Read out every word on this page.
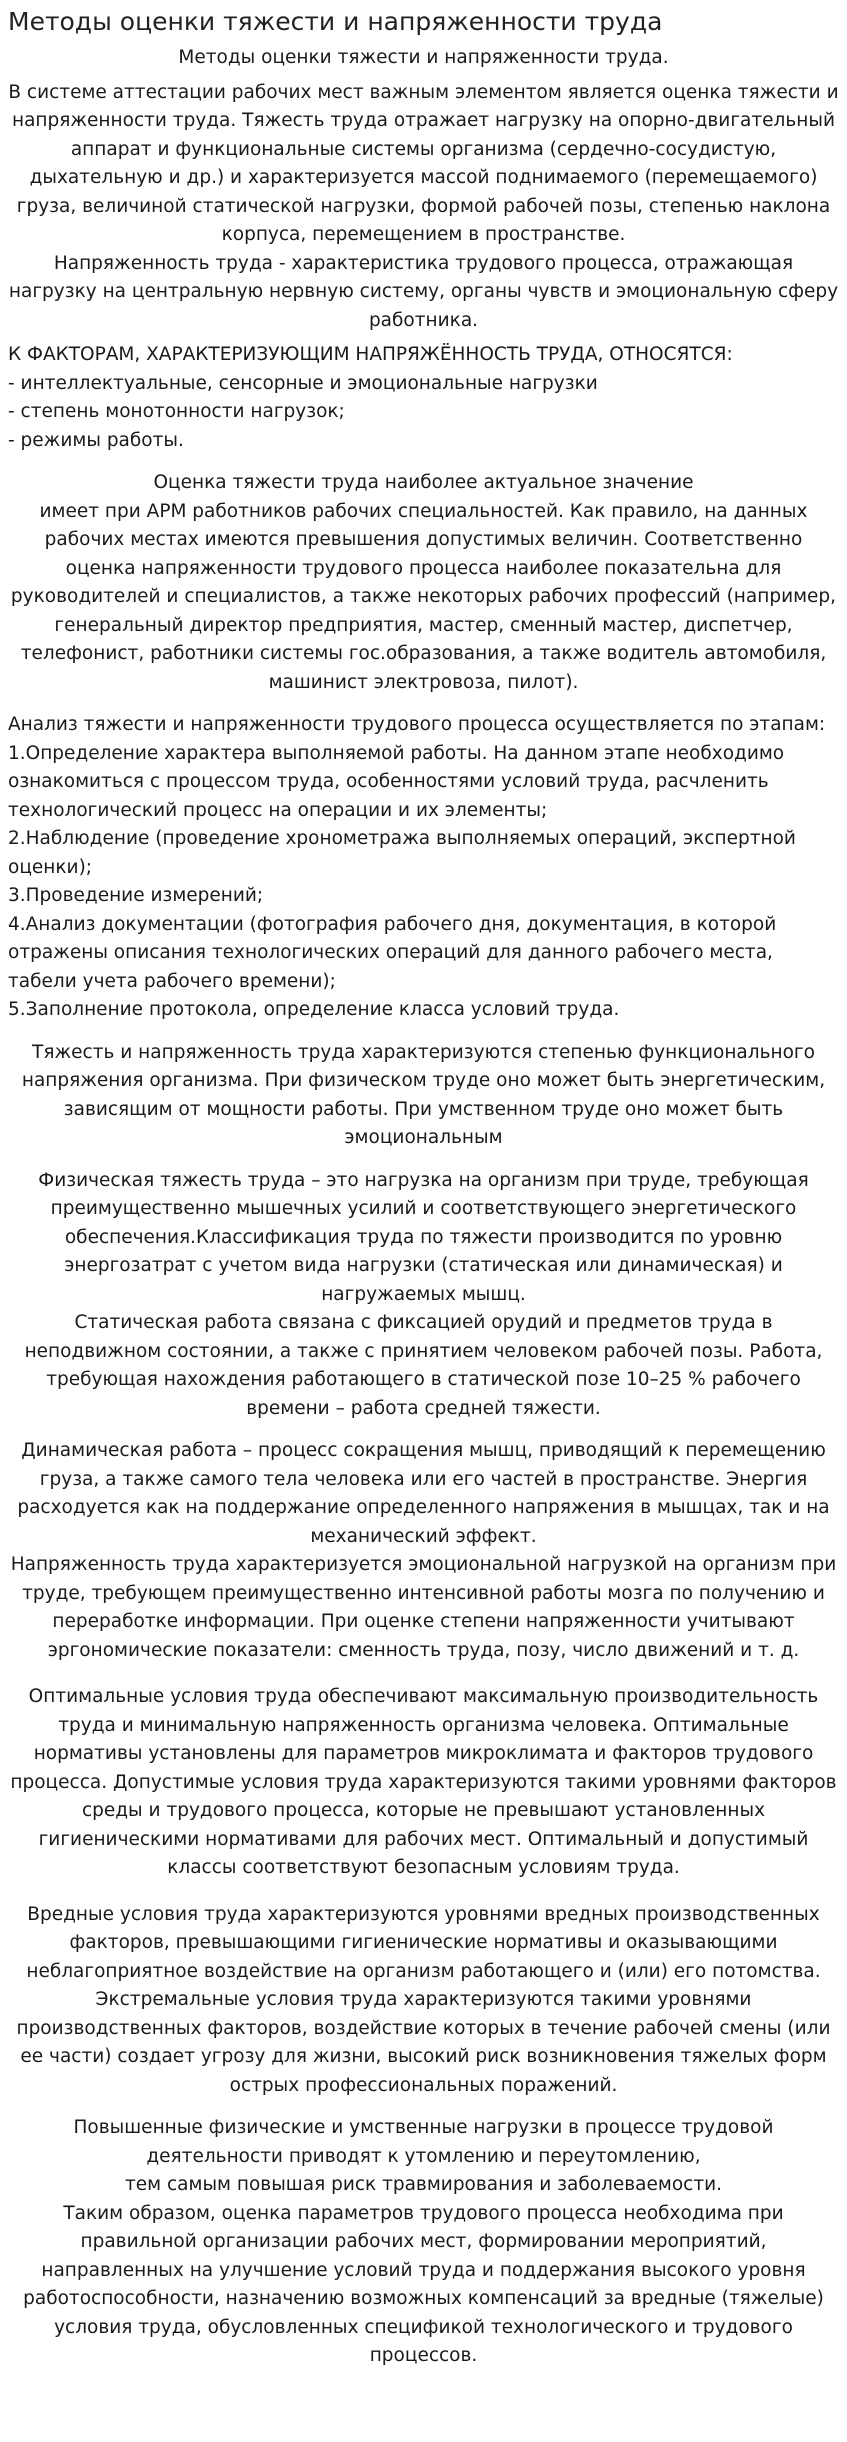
Методы оценки тяжести и напряженности труда

Методы оценки тяжести и напряженности труда.

В системе аттестации рабочих мест важным элементом является оценка тяжести и напряженности труда. Тяжесть труда отражает нагрузку на опорно-двигательный аппарат и функциональные системы организма (сердечно-сосудистую, дыхательную и др.) и характеризуется массой поднимаемого (перемещаемого) груза, величиной статической нагрузки, формой рабочей позы, степенью наклона корпуса, перемещением в пространстве.

Напряженность труда - характеристика трудового процесса, отражающая нагрузку на центральную нервную систему, органы чувств и эмоциональную сферу работника.

К ФАКТОРАМ, ХАРАКТЕРИЗУЮЩИМ НАПРЯЖЁННОСТЬ ТРУДА, ОТНОСЯТСЯ:

- интеллектуальные, сенсорные и эмоциональные нагрузки

- степень монотонности нагрузок;

- режимы работы.

Оценка тяжести труда наиболее актуальное значение

имеет при АРМ работников рабочих специальностей. Как правило, на данных рабочих местах имеются превышения допустимых величин. Соответственно оценка напряженности трудового процесса наиболее показательна для руководителей и специалистов, а также некоторых рабочих профессий (например, генеральный директор предприятия, мастер, сменный мастер, диспетчер, телефонист, работники системы гос.образования, а также водитель автомобиля, машинист электровоза, пилот).

Анализ тяжести и напряженности трудового процесса осуществляется по этапам:

1.Определение характера выполняемой работы. На данном этапе необходимо ознакомиться с процессом труда, особенностями условий труда, расчленить технологический процесс на операции и их элементы;

2.Наблюдение (проведение хронометража выполняемых операций, экспертной оценки);

3.Проведение измерений;

4.Анализ документации (фотография рабочего дня, документация, в которой отражены описания технологических операций для данного рабочего места, табели учета рабочего времени);

5.Заполнение протокола, определение класса условий труда.

Тяжесть и напряженность труда характеризуются степенью функционального напряжения организма. При физическом труде оно может быть энергетическим, зависящим от мощности работы. При умственном труде оно может быть эмоциональным

Физическая тяжесть труда – это нагрузка на организм при труде, требующая преимущественно мышечных усилий и соответствующего энергетического обеспечения.Классификация труда по тяжести производится по уровню энергозатрат с учетом вида нагрузки (статическая или динамическая) и нагружаемых мышц.

Статическая работа связана с фиксацией орудий и предметов труда в неподвижном состоянии, а также с принятием человеком рабочей позы. Работа, требующая нахождения работающего в статической позе 10–25 % рабочего времени – работа средней тяжести.

Динамическая работа – процесс сокращения мышц, приводящий к перемещению груза, а также самого тела человека или его частей в пространстве. Энергия расходуется как на поддержание определенного напряжения в мышцах, так и на механический эффект.

Напряженность труда характеризуется эмоциональной нагрузкой на организм при труде, требующем преимущественно интенсивной работы мозга по получению и переработке информации. При оценке степени напряженности учитывают эргономические показатели: сменность труда, позу, число движений и т. д.

Оптимальные условия труда обеспечивают максимальную производительность труда и минимальную напряженность организма человека. Оптимальные нормативы установлены для параметров микроклимата и факторов трудового процесса. Допустимые условия труда характеризуются такими уровнями факторов среды и трудового процесса, которые не превышают установленных гигиеническими нормативами для рабочих мест. Оптимальный и допустимый классы соответствуют безопасным условиям труда.

Вредные условия труда характеризуются уровнями вредных производственных факторов, превышающими гигиенические нормативы и оказывающими неблагоприятное воздействие на организм работающего и (или) его потомства.

Экстремальные условия труда характеризуются такими уровнями производственных факторов, воздействие которых в течение рабочей смены (или ее части) создает угрозу для жизни, высокий риск возникновения тяжелых форм острых профессиональных поражений.

Повышенные физические и умственные нагрузки в процессе трудовой деятельности приводят к утомлению и переутомлению,

тем самым повышая риск травмирования и заболеваемости.

Таким образом, оценка параметров трудового процесса необходима при правильной организации рабочих мест, формировании мероприятий, направленных на улучшение условий труда и поддержания высокого уровня работоспособности, назначению возможных компенсаций за вредные (тяжелые) условия труда, обусловленных спецификой технологического и трудового процессов.
